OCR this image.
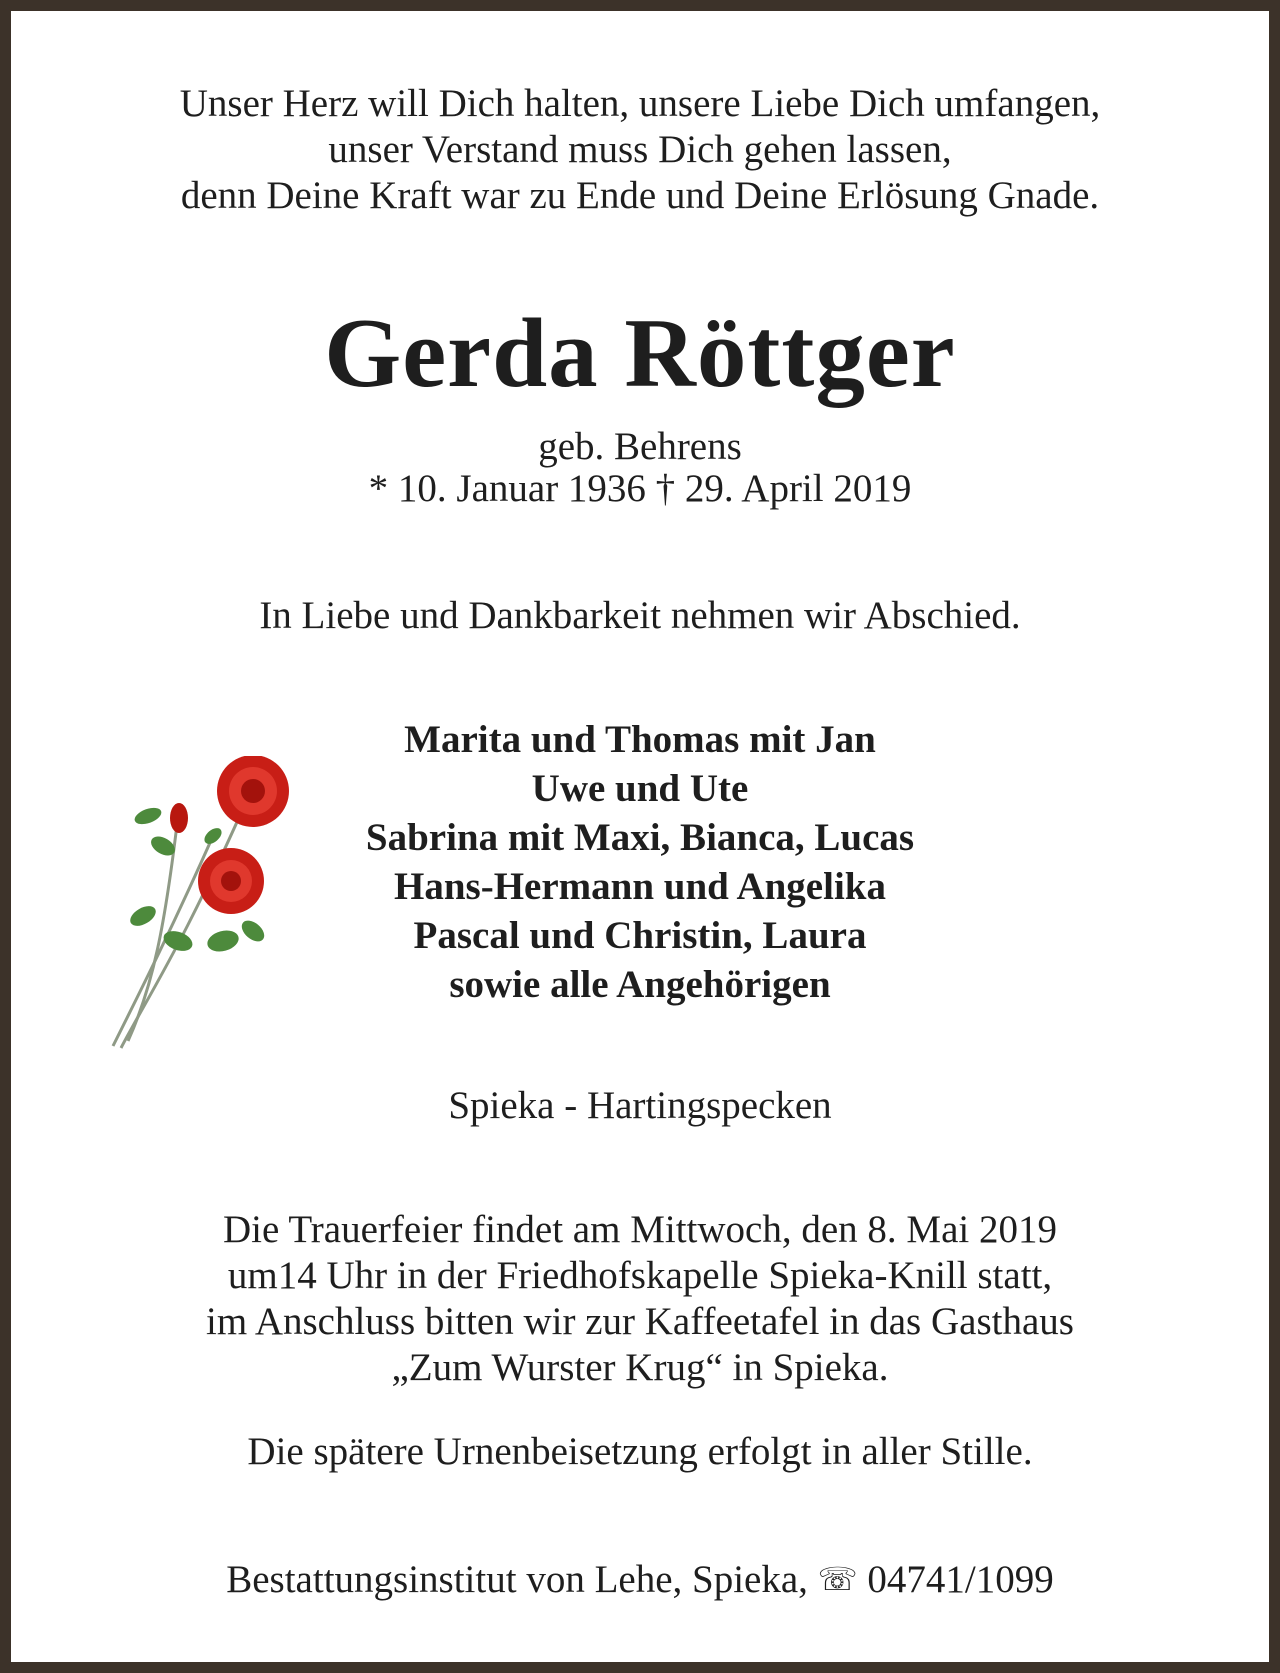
Unser Herz will Dich halten, unsere Liebe Dich umfangen,
unser Verstand muss Dich gehen lassen,
denn Deine Kraft war zu Ende und Deine Erlösung Gnade.
Gerda Röttger
geb. Behrens
* 10. Januar 1936 † 29. April 2019
In Liebe und Dankbarkeit nehmen wir Abschied.
Marita und Thomas mit Jan
Uwe und Ute
Sabrina mit Maxi, Bianca, Lucas
Hans-Hermann und Angelika
Pascal und Christin, Laura
sowie alle Angehörigen
Spieka - Hartingspecken
Die Trauerfeier findet am Mittwoch, den 8. Mai 2019
um14 Uhr in der Friedhofskapelle Spieka-Knill statt,
im Anschluss bitten wir zur Kaffeetafel in das Gasthaus
„Zum Wurster Krug“ in Spieka.
Die spätere Urnenbeisetzung erfolgt in aller Stille.
Bestattungsinstitut von Lehe, Spieka, ☏ 04741/1099
